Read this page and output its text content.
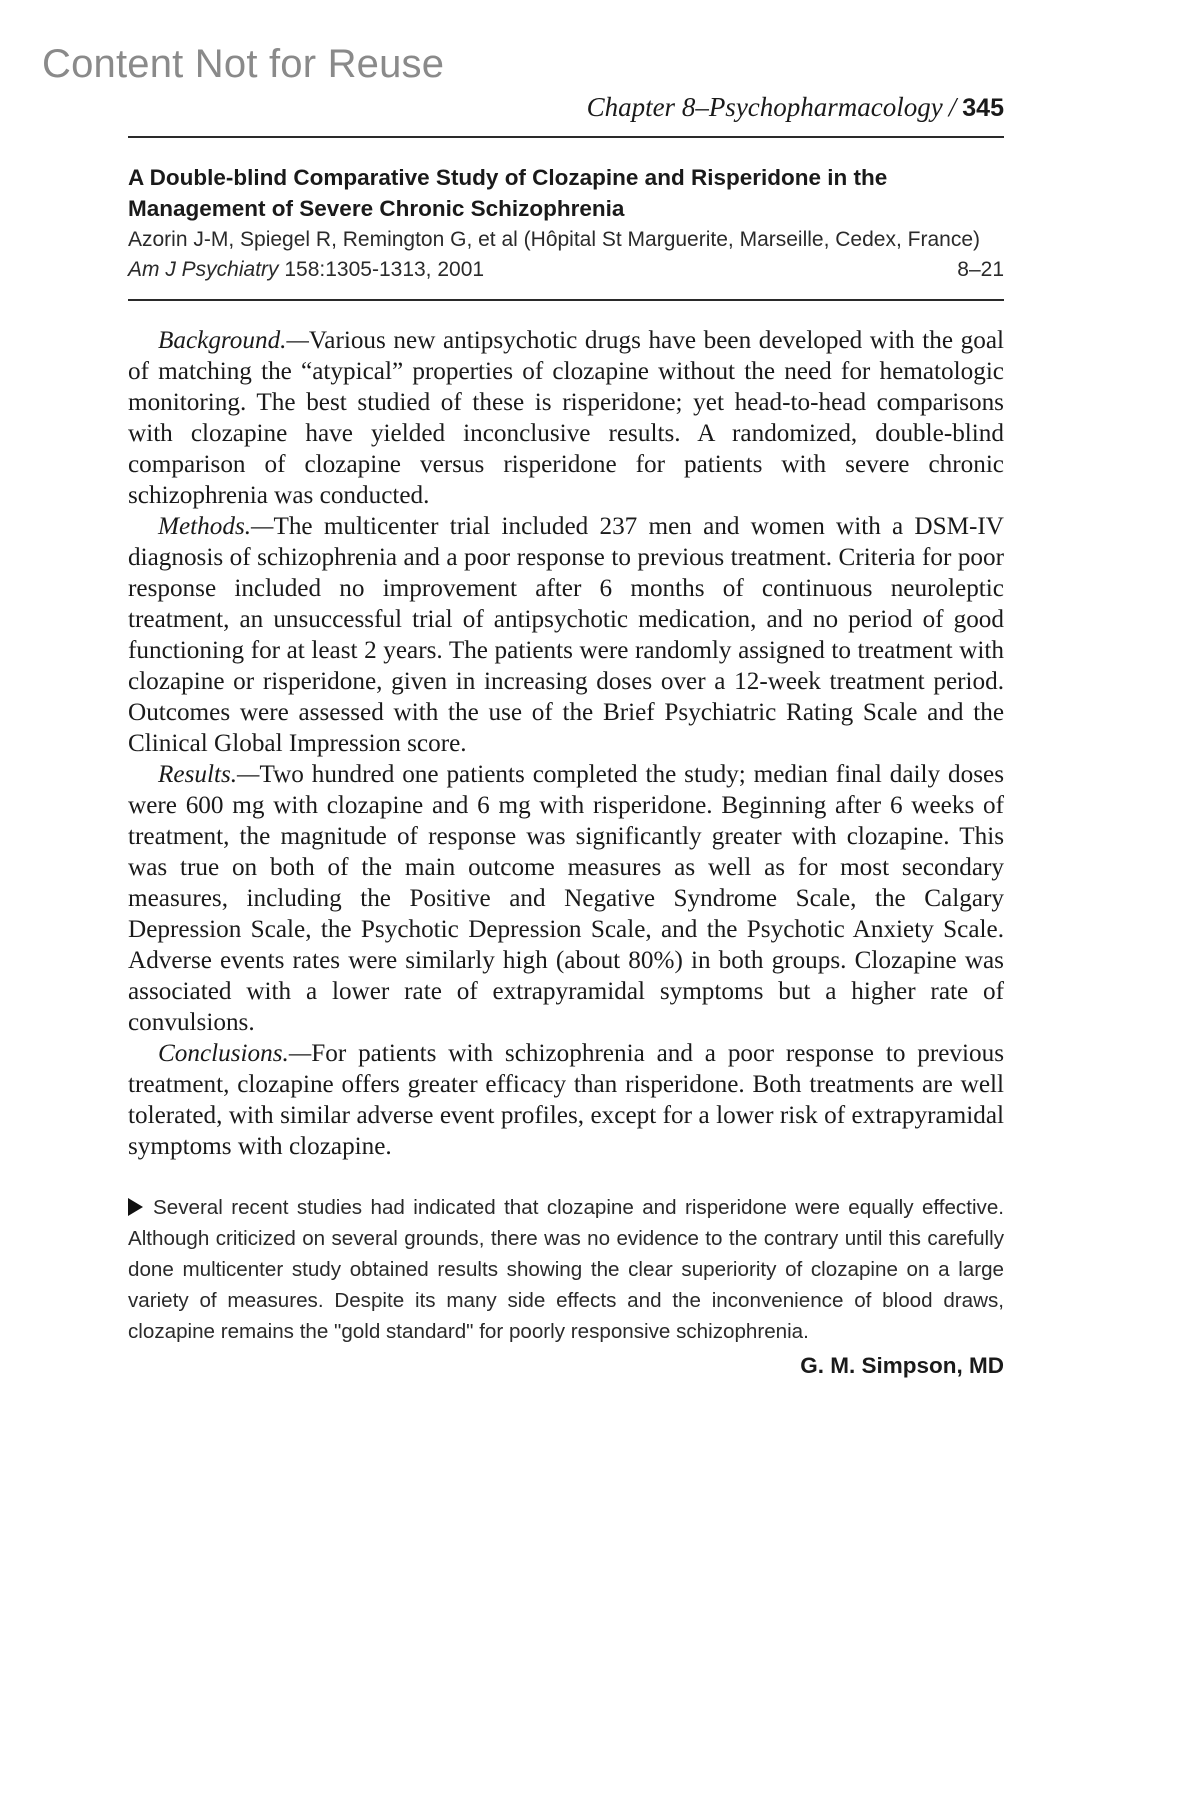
Content Not for Reuse
Chapter 8–Psychopharmacology / 345

A Double-blind Comparative Study of Clozapine and Risperidone in the Management of Severe Chronic Schizophrenia

Azorin J-M, Spiegel R, Remington G, et al (Hôpital St Marguerite, Marseille, Cedex, France)

Am J Psychiatry 158:1305-1313, 2001	8–21

Background.—Various new antipsychotic drugs have been developed with the goal of matching the “atypical” properties of clozapine without the need for hematologic monitoring. The best studied of these is risperidone; yet head-to-head comparisons with clozapine have yielded inconclusive results. A randomized, double-blind comparison of clozapine versus risperidone for patients with severe chronic schizophrenia was conducted.

Methods.—The multicenter trial included 237 men and women with a DSM-IV diagnosis of schizophrenia and a poor response to previous treatment. Criteria for poor response included no improvement after 6 months of continuous neuroleptic treatment, an unsuccessful trial of antipsychotic medication, and no period of good functioning for at least 2 years. The patients were randomly assigned to treatment with clozapine or risperidone, given in increasing doses over a 12-week treatment period. Outcomes were assessed with the use of the Brief Psychiatric Rating Scale and the Clinical Global Impression score.

Results.—Two hundred one patients completed the study; median final daily doses were 600 mg with clozapine and 6 mg with risperidone. Beginning after 6 weeks of treatment, the magnitude of response was significantly greater with clozapine. This was true on both of the main outcome measures as well as for most secondary measures, including the Positive and Negative Syndrome Scale, the Calgary Depression Scale, the Psychotic Depression Scale, and the Psychotic Anxiety Scale. Adverse events rates were similarly high (about 80%) in both groups. Clozapine was associated with a lower rate of extrapyramidal symptoms but a higher rate of convulsions.

Conclusions.—For patients with schizophrenia and a poor response to previous treatment, clozapine offers greater efficacy than risperidone. Both treatments are well tolerated, with similar adverse event profiles, except for a lower risk of extrapyramidal symptoms with clozapine.

Several recent studies had indicated that clozapine and risperidone were equally effective. Although criticized on several grounds, there was no evidence to the contrary until this carefully done multicenter study obtained results showing the clear superiority of clozapine on a large variety of measures. Despite its many side effects and the inconvenience of blood draws, clozapine remains the "gold standard" for poorly responsive schizophrenia.
G. M. Simpson, MD
